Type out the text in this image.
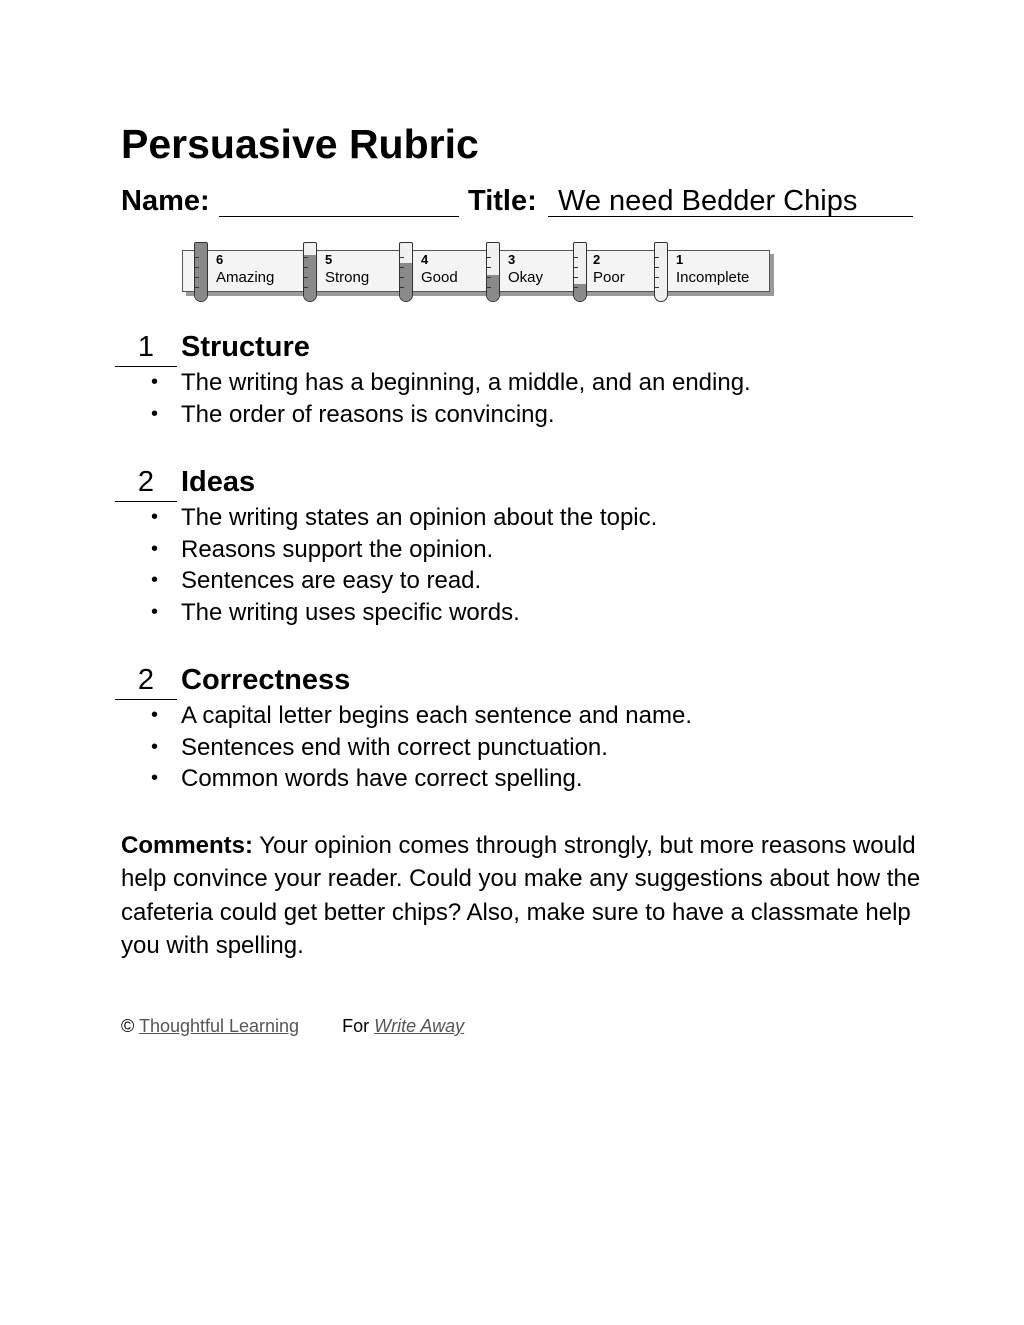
Persuasive Rubric
Name:	Title: We need Bedder Chips
6
Amazing
5
Strong
4
Good
3
Okay
2
Poor
1
Incomplete
1 Structure
• The writing has a beginning, a middle, and an ending.
• The order of reasons is convincing.
2 Ideas
• The writing states an opinion about the topic.
• Reasons support the opinion.
• Sentences are easy to read.
• The writing uses specific words.
2 Correctness
• A capital letter begins each sentence and name.
• Sentences end with correct punctuation.
• Common words have correct spelling.

Comments: Your opinion comes through strongly, but more reasons would help convince your reader. Could you make any suggestions about how the cafeteria could get better chips? Also, make sure to have a classmate help you with spelling.

© Thoughtful Learning For Write Away
